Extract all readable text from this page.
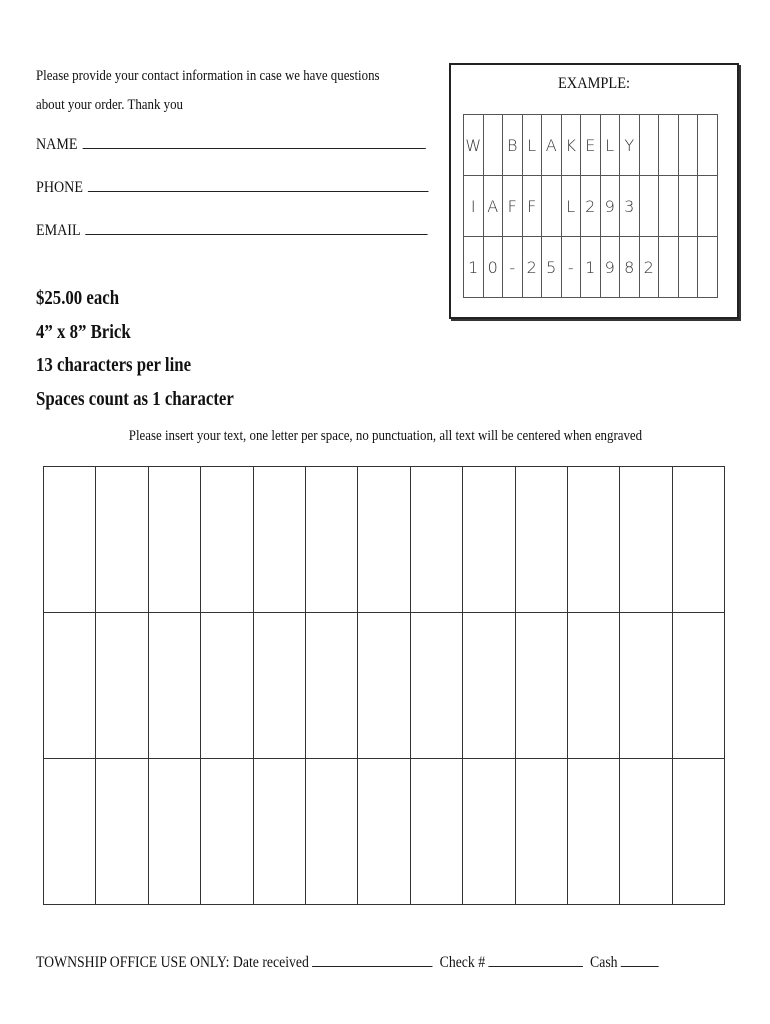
Please provide your contact information in case we have questions
about your order. Thank you
NAME
PHONE
EMAIL
$25.00 each
4” x 8” Brick
13 characters per line
Spaces count as 1 character
EXAMPLE:
W		B	L	A	K	E	L	Y				
I	A	F	F		L	2	9	3				
1	0	-	2	5	-	1	9	8	2			
Please insert your text, one letter per space, no punctuation, all text will be centered when engraved

TOWNSHIP OFFICE USE ONLY: Date received	Check #	Cash
